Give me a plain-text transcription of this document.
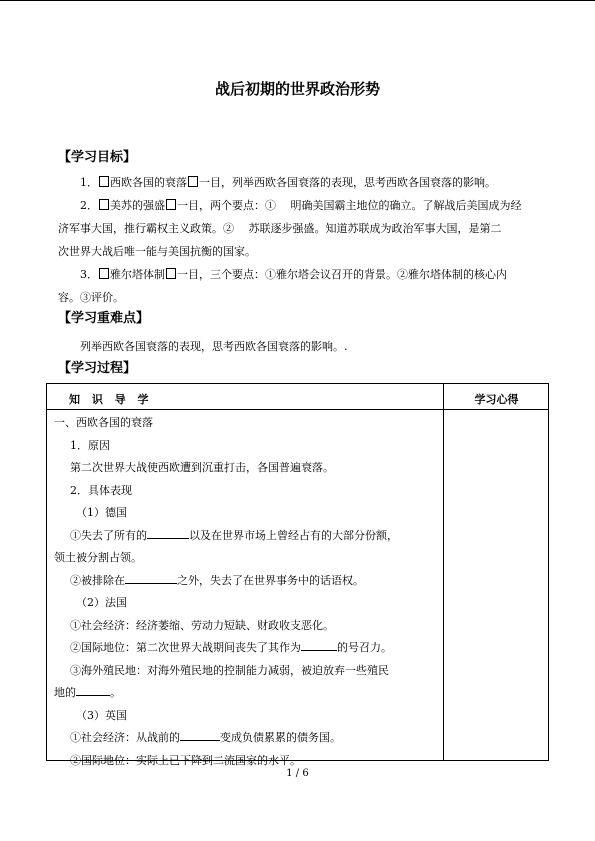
战后初期的世界政治形势
【学习目标】
1． 西欧各国的衰落 一目，列举西欧各国衰落的表现，思考西欧各国衰落的影响。
2． 美苏的强盛 一目，两个要点：①　 明确美国霸主地位的确立。了解战后美国成为经
济军事大国，推行霸权主义政策。②　 苏联逐步强盛。知道苏联成为政治军事大国，是第二
次世界大战后唯一能与美国抗衡的国家。
3． 雅尔塔体制 一目，三个要点：①雅尔塔会议召开的背景。②雅尔塔体制的核心内
容。③评价。
【学习重难点】
列举西欧各国衰落的表现，思考西欧各国衰落的影响。.
【学习过程】
知 识 导 学	学习心得
一、西欧各国的衰落
1．原因
第二次世界大战使西欧遭到沉重打击，各国普遍衰落。
2．具体表现
（1）德国
①失去了所有的	以及在世界市场上曾经占有的大部分份额，
领土被分割占领。
②被排除在	之外，失去了在世界事务中的话语权。
（2）法国
①社会经济：经济萎缩、劳动力短缺、财政收支恶化。
②国际地位：第二次世界大战期间丧失了其作为	的号召力。
③海外殖民地：对海外殖民地的控制能力减弱，被迫放弃一些殖民
地的	。
（3）英国
①社会经济：从战前的	变成负债累累的债务国。
②国际地位：实际上已下降到二流国家的水平。
1 / 6
